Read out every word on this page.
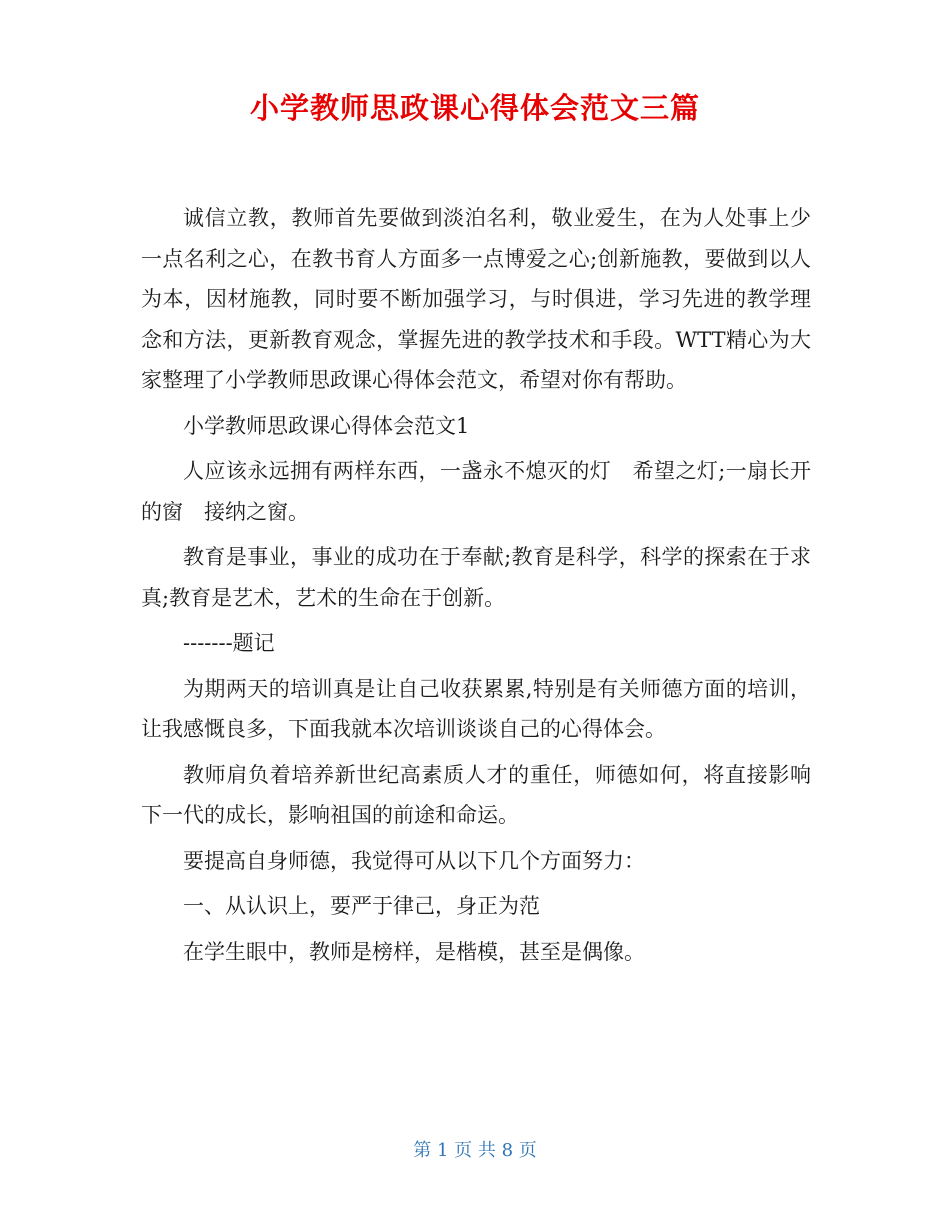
小学教师思政课心得体会范文三篇

诚信立教，教师首先要做到淡泊名利，敬业爱生，在为人处事上少一点名利之心，在教书育人方面多一点博爱之心;创新施教，要做到以人为本，因材施教，同时要不断加强学习，与时俱进，学习先进的教学理念和方法，更新教育观念，掌握先进的教学技术和手段。WTT精心为大家整理了小学教师思政课心得体会范文，希望对你有帮助。

小学教师思政课心得体会范文1

人应该永远拥有两样东西，一盏永不熄灭的灯　希望之灯;一扇长开的窗　接纳之窗。

教育是事业，事业的成功在于奉献;教育是科学，科学的探索在于求真;教育是艺术，艺术的生命在于创新。

-------题记

为期两天的培训真是让自己收获累累,特别是有关师德方面的培训，让我感慨良多，下面我就本次培训谈谈自己的心得体会。

教师肩负着培养新世纪高素质人才的重任，师德如何，将直接影响下一代的成长，影响祖国的前途和命运。

要提高自身师德，我觉得可从以下几个方面努力：

一、从认识上，要严于律己，身正为范

在学生眼中，教师是榜样，是楷模，甚至是偶像。

第 1 页 共 8 页
